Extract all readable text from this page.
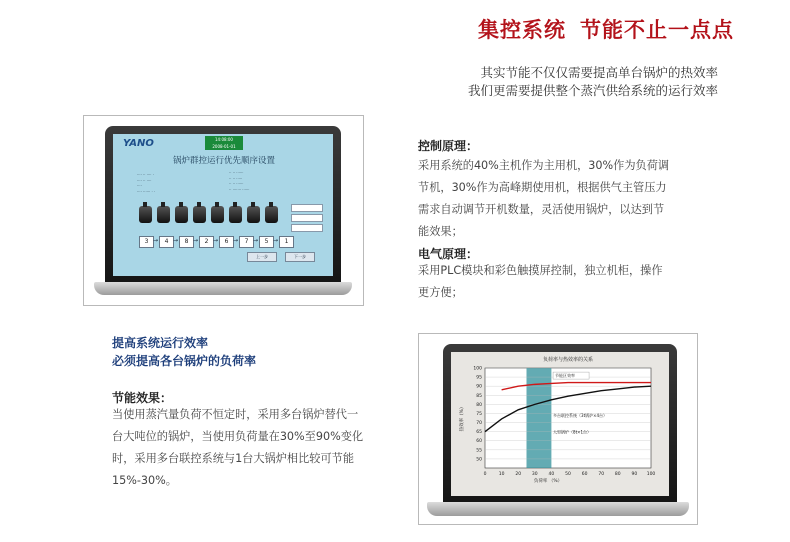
集控系统 节能不止一点点
其实节能不仅仅需要提高单台锅炉的热效率
我们更需要提供整个蒸汽供给系统的运行效率
YANO	14:08:00
2008-01-01
锅炉群控运行优先顺序设置
···· ·· ···· ·
···· ·· ····
····
···· ······ · ·
·· ·· ······
·· ·· ·····
·· ·· ······
·· ······· ······
3 →	4 →	8 →	2 →	6 →	7 →	5 →	1
上一步	下一步
控制原理：
采用系统的40%主机作为主用机，30%作为负荷调
节机，30%作为高峰期使用机，根据供气主管压力
需求自动调节开机数量，灵活使用锅炉，以达到节
能效果；
电气原理：
采用PLC模块和彩色触摸屏控制，独立机柜，操作
更方便；
提高系统运行效率
必须提高各台锅炉的负荷率
节能效果：
当使用蒸汽量负荷不恒定时，采用多台锅炉替代一
台大吨位的锅炉，当使用负荷量在30%至90%变化
时，采用多台联控系统与1台大锅炉相比较可节能
15%-30%。
50
55
60
65
70
75
80
85
90
95
100
0	10 20 30 40 50 60 70 80 90 100
负荷率与热效率的关系
负荷率 （%）
热效率（%）
节能区效率
多台联控系统（3t锅炉×4台）
大型锅炉（8t×1台）
